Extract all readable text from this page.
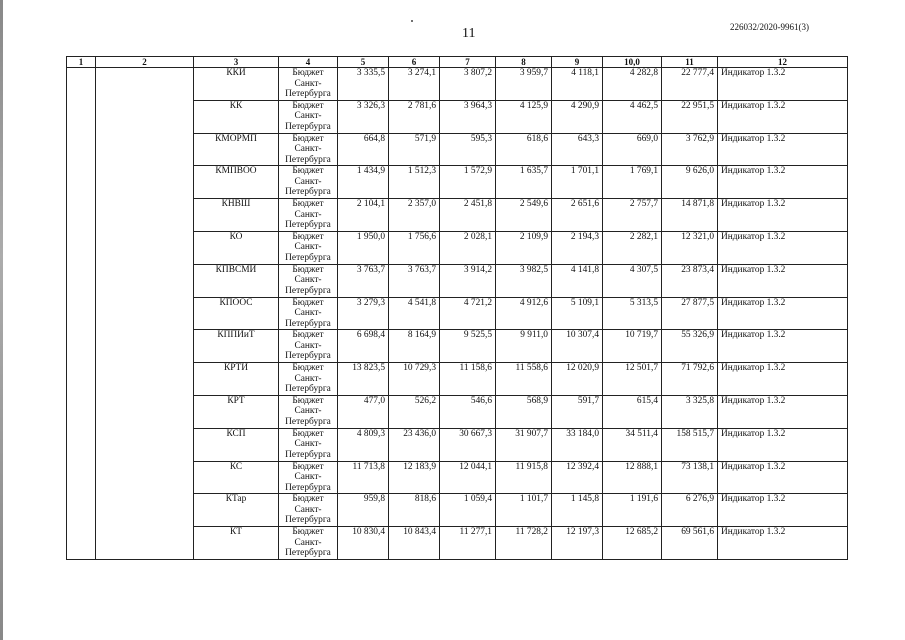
11	226032/2020-9961(3)
1	2	3	4	5	6	7	8	9	10,0	11	12
		ККИ	Бюджет
Санкт-
Петербурга	3 335,5	3 274,1	3 807,2	3 959,7	4 118,1	4 282,8	22 777,4	Индикатор 1.3.2
		КК	Бюджет
Санкт-
Петербурга	3 326,3	2 781,6	3 964,3	4 125,9	4 290,9	4 462,5	22 951,5	Индикатор 1.3.2
		КМОРМП	Бюджет
Санкт-
Петербурга	664,8	571,9	595,3	618,6	643,3	669,0	3 762,9	Индикатор 1.3.2
		КМПВОО	Бюджет
Санкт-
Петербурга	1 434,9	1 512,3	1 572,9	1 635,7	1 701,1	1 769,1	9 626,0	Индикатор 1.3.2
		КНВШ	Бюджет
Санкт-
Петербурга	2 104,1	2 357,0	2 451,8	2 549,6	2 651,6	2 757,7	14 871,8	Индикатор 1.3.2
		КО	Бюджет
Санкт-
Петербурга	1 950,0	1 756,6	2 028,1	2 109,9	2 194,3	2 282,1	12 321,0	Индикатор 1.3.2
		КПВСМИ	Бюджет
Санкт-
Петербурга	3 763,7	3 763,7	3 914,2	3 982,5	4 141,8	4 307,5	23 873,4	Индикатор 1.3.2
		КПООС	Бюджет
Санкт-
Петербурга	3 279,3	4 541,8	4 721,2	4 912,6	5 109,1	5 313,5	27 877,5	Индикатор 1.3.2
		КППИиТ	Бюджет
Санкт-
Петербурга	6 698,4	8 164,9	9 525,5	9 911,0	10 307,4	10 719,7	55 326,9	Индикатор 1.3.2
		КРТИ	Бюджет
Санкт-
Петербурга	13 823,5	10 729,3	11 158,6	11 558,6	12 020,9	12 501,7	71 792,6	Индикатор 1.3.2
		КРТ	Бюджет
Санкт-
Петербурга	477,0	526,2	546,6	568,9	591,7	615,4	3 325,8	Индикатор 1.3.2
		КСП	Бюджет
Санкт-
Петербурга	4 809,3	23 436,0	30 667,3	31 907,7	33 184,0	34 511,4	158 515,7	Индикатор 1.3.2
		КС	Бюджет
Санкт-
Петербурга	11 713,8	12 183,9	12 044,1	11 915,8	12 392,4	12 888,1	73 138,1	Индикатор 1.3.2
		КТар	Бюджет
Санкт-
Петербурга	959,8	818,6	1 059,4	1 101,7	1 145,8	1 191,6	6 276,9	Индикатор 1.3.2
		КТ	Бюджет
Санкт-
Петербурга	10 830,4	10 843,4	11 277,1	11 728,2	12 197,3	12 685,2	69 561,6	Индикатор 1.3.2
